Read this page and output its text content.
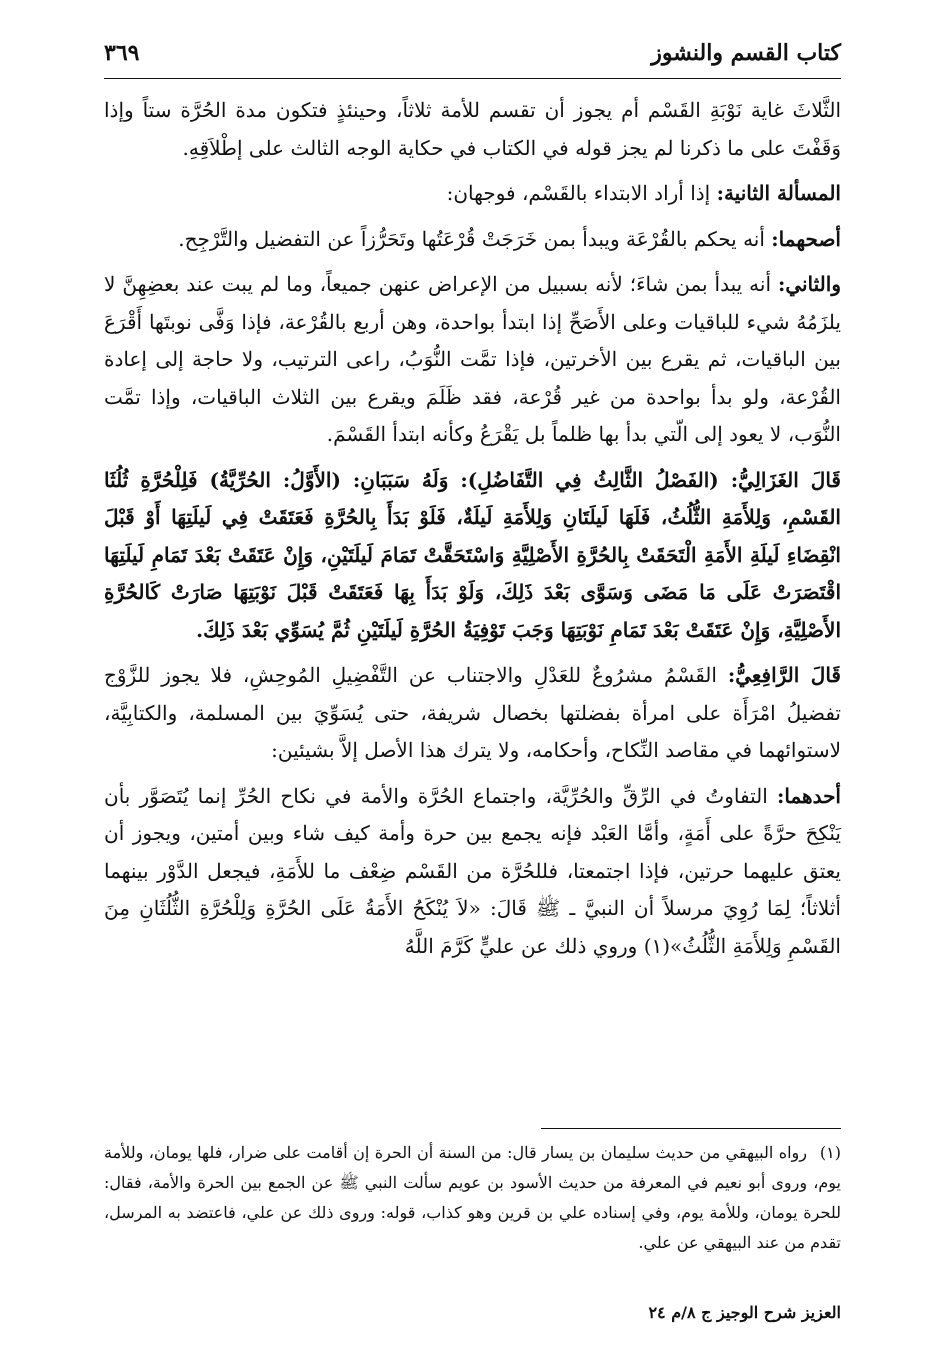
كتاب القسم والنشوز
٣٦٩

الثَّلاثَ غاية نَوْبَةِ القَسْم أم يجوز أن تقسم للأمة ثلاثاً، وحينئذٍ فتكون مدة الحُرَّة ستاً وإذا وَقَفْتَ على ما ذكرنا لم يجز قوله في الكتاب في حكاية الوجه الثالث على إطْلاَقِهِ.

المسألة الثانية: إذا أراد الابتداء بالقَسْم، فوجهان:

أصحهما: أنه يحكم بالقُرْعَة ويبدأ بمن خَرَجَتْ قُرْعَتُها وتَحَرُّزاً عن التفضيل والتَّرْجِح.

والثاني: أنه يبدأ بمن شاءَ؛ لأنه بسبيل من الإعراض عنهن جميعاً، وما لم يبت عند بعضِهِنَّ لا يلزَمُهُ شيء للباقيات وعلى الأَصَحِّ إذا ابتدأ بواحدة، وهن أربع بالقُرْعة، فإذا وَفَّى نوبتَها أَقْرَعَ بين الباقيات، ثم يقرع بين الأخرتين، فإذا تمَّت النُّوَبُ، راعى الترتيب، ولا حاجة إلى إعادة القُرْعة، ولو بدأ بواحدة من غير قُرْعة، فقد ظَلَمَ ويقرع بين الثلاث الباقيات، وإذا تمَّت النُّوَب، لا يعود إلى الّتي بدأ بها ظلماً بل يَقْرَعُ وكأنه ابتدأ القَسْمَ.

قَالَ الغَزَالِيُّ: (الفَصْلُ الثَّالِثُ فِي التَّفَاضُلِ): وَلَهُ سَبَبَانِ: (الأَوَّلُ: الحُرِّيَّةُ) فَلِلْحُرَّةِ ثُلُثَا القَسْمِ، وَلِلأَمَةِ الثُّلُثُ، فَلَهَا لَيلَتَانِ وَلِلأَمَةِ لَيلَةٌ، فَلَوْ بَدَأَ بِالحُرَّةِ فَعَتَقَتْ فِي لَيلَتِهَا أَوْ قَبْلَ انْقِضَاءِ لَيلَةِ الأَمَةِ الْتَحَقَتْ بِالحُرَّةِ الأَصْلِيَّةِ وَاسْتَحَقَّتْ تَمَامَ لَيلَتَيْنِ، وَإِنْ عَتَقَتْ بَعْدَ تَمَامِ لَيلَتِهَا اقْتَصَرَتْ عَلَى مَا مَضَى وَسَوَّى بَعْدَ ذَلِكَ، وَلَوْ بَدَأَ بِهَا فَعَتَقَتْ قَبْلَ نَوْبَتِهَا صَارَتْ كَالحُرَّةِ الأَصْلِيَّةِ، وَإِنْ عَتَقَتْ بَعْدَ تَمَامِ نَوْبَتِهَا وَجَبَ تَوْفِيَةُ الحُرَّةِ لَيلَتَيْنِ ثُمَّ يُسَوِّي بَعْدَ ذَلِكَ.

قَالَ الرَّافِعِيُّ: القَسْمُ مشرُوعٌ للعَدْلِ والاجتناب عن التَّفْضِيلِ المُوحِشِ، فلا يجوز للزَّوْج تفضيلُ امْرَأَة على امرأة بفضلتها بخصال شريفة، حتى يُسَوِّيَ بين المسلمة، والكتابِيَّة، لاستوائهما في مقاصد النِّكاح، وأحكامه، ولا يترك هذا الأصل إلاَّ بشيئين:

أحدهما: التفاوتُ في الرِّقِّ والحُرِّيَّة، واجتماع الحُرَّة والأمة في نكاح الحُرِّ إنما يُتَصَوَّر بأن يَنْكِحَ حرَّةً على أَمَةٍ، وأمَّا العَبْد فإنه يجمع بين حرة وأمة كيف شاء وبين أمتين، ويجوز أن يعتق عليهما حرتين، فإذا اجتمعتا، فللحُرَّة من القَسْم ضِعْف ما للأَمَةِ، فيجعل الدَّوْر بينهما أثلاثاً؛ لِمَا رُوِيَ مرسلاً أن النبيَّ ـ ﷺ قَالَ: «لاَ يُنْكَحُ الأَمَةُ عَلَى الحُرَّةِ وَلِلْحُرَّةِ الثُّلُثَانِ مِنَ القَسْمِ وَلِلأَمَةِ الثُّلُثُ»(١) وروي ذلك عن عليٍّ كَرَّمَ اللَّهُ

(١)رواه البيهقي من حديث سليمان بن يسار قال: من السنة أن الحرة إن أقامت على ضرار، فلها يومان، وللأمة يوم، وروى أبو نعيم في المعرفة من حديث الأسود بن عويم سألت النبي ﷺ عن الجمع بين الحرة والأمة، فقال: للحرة يومان، وللأمة يوم، وفي إسناده علي بن قرين وهو كذاب، قوله: وروى ذلك عن علي، فاعتضد به المرسل، تقدم من عند البيهقي عن علي.
العزيز شرح الوجيز ج ٨/م ٢٤
